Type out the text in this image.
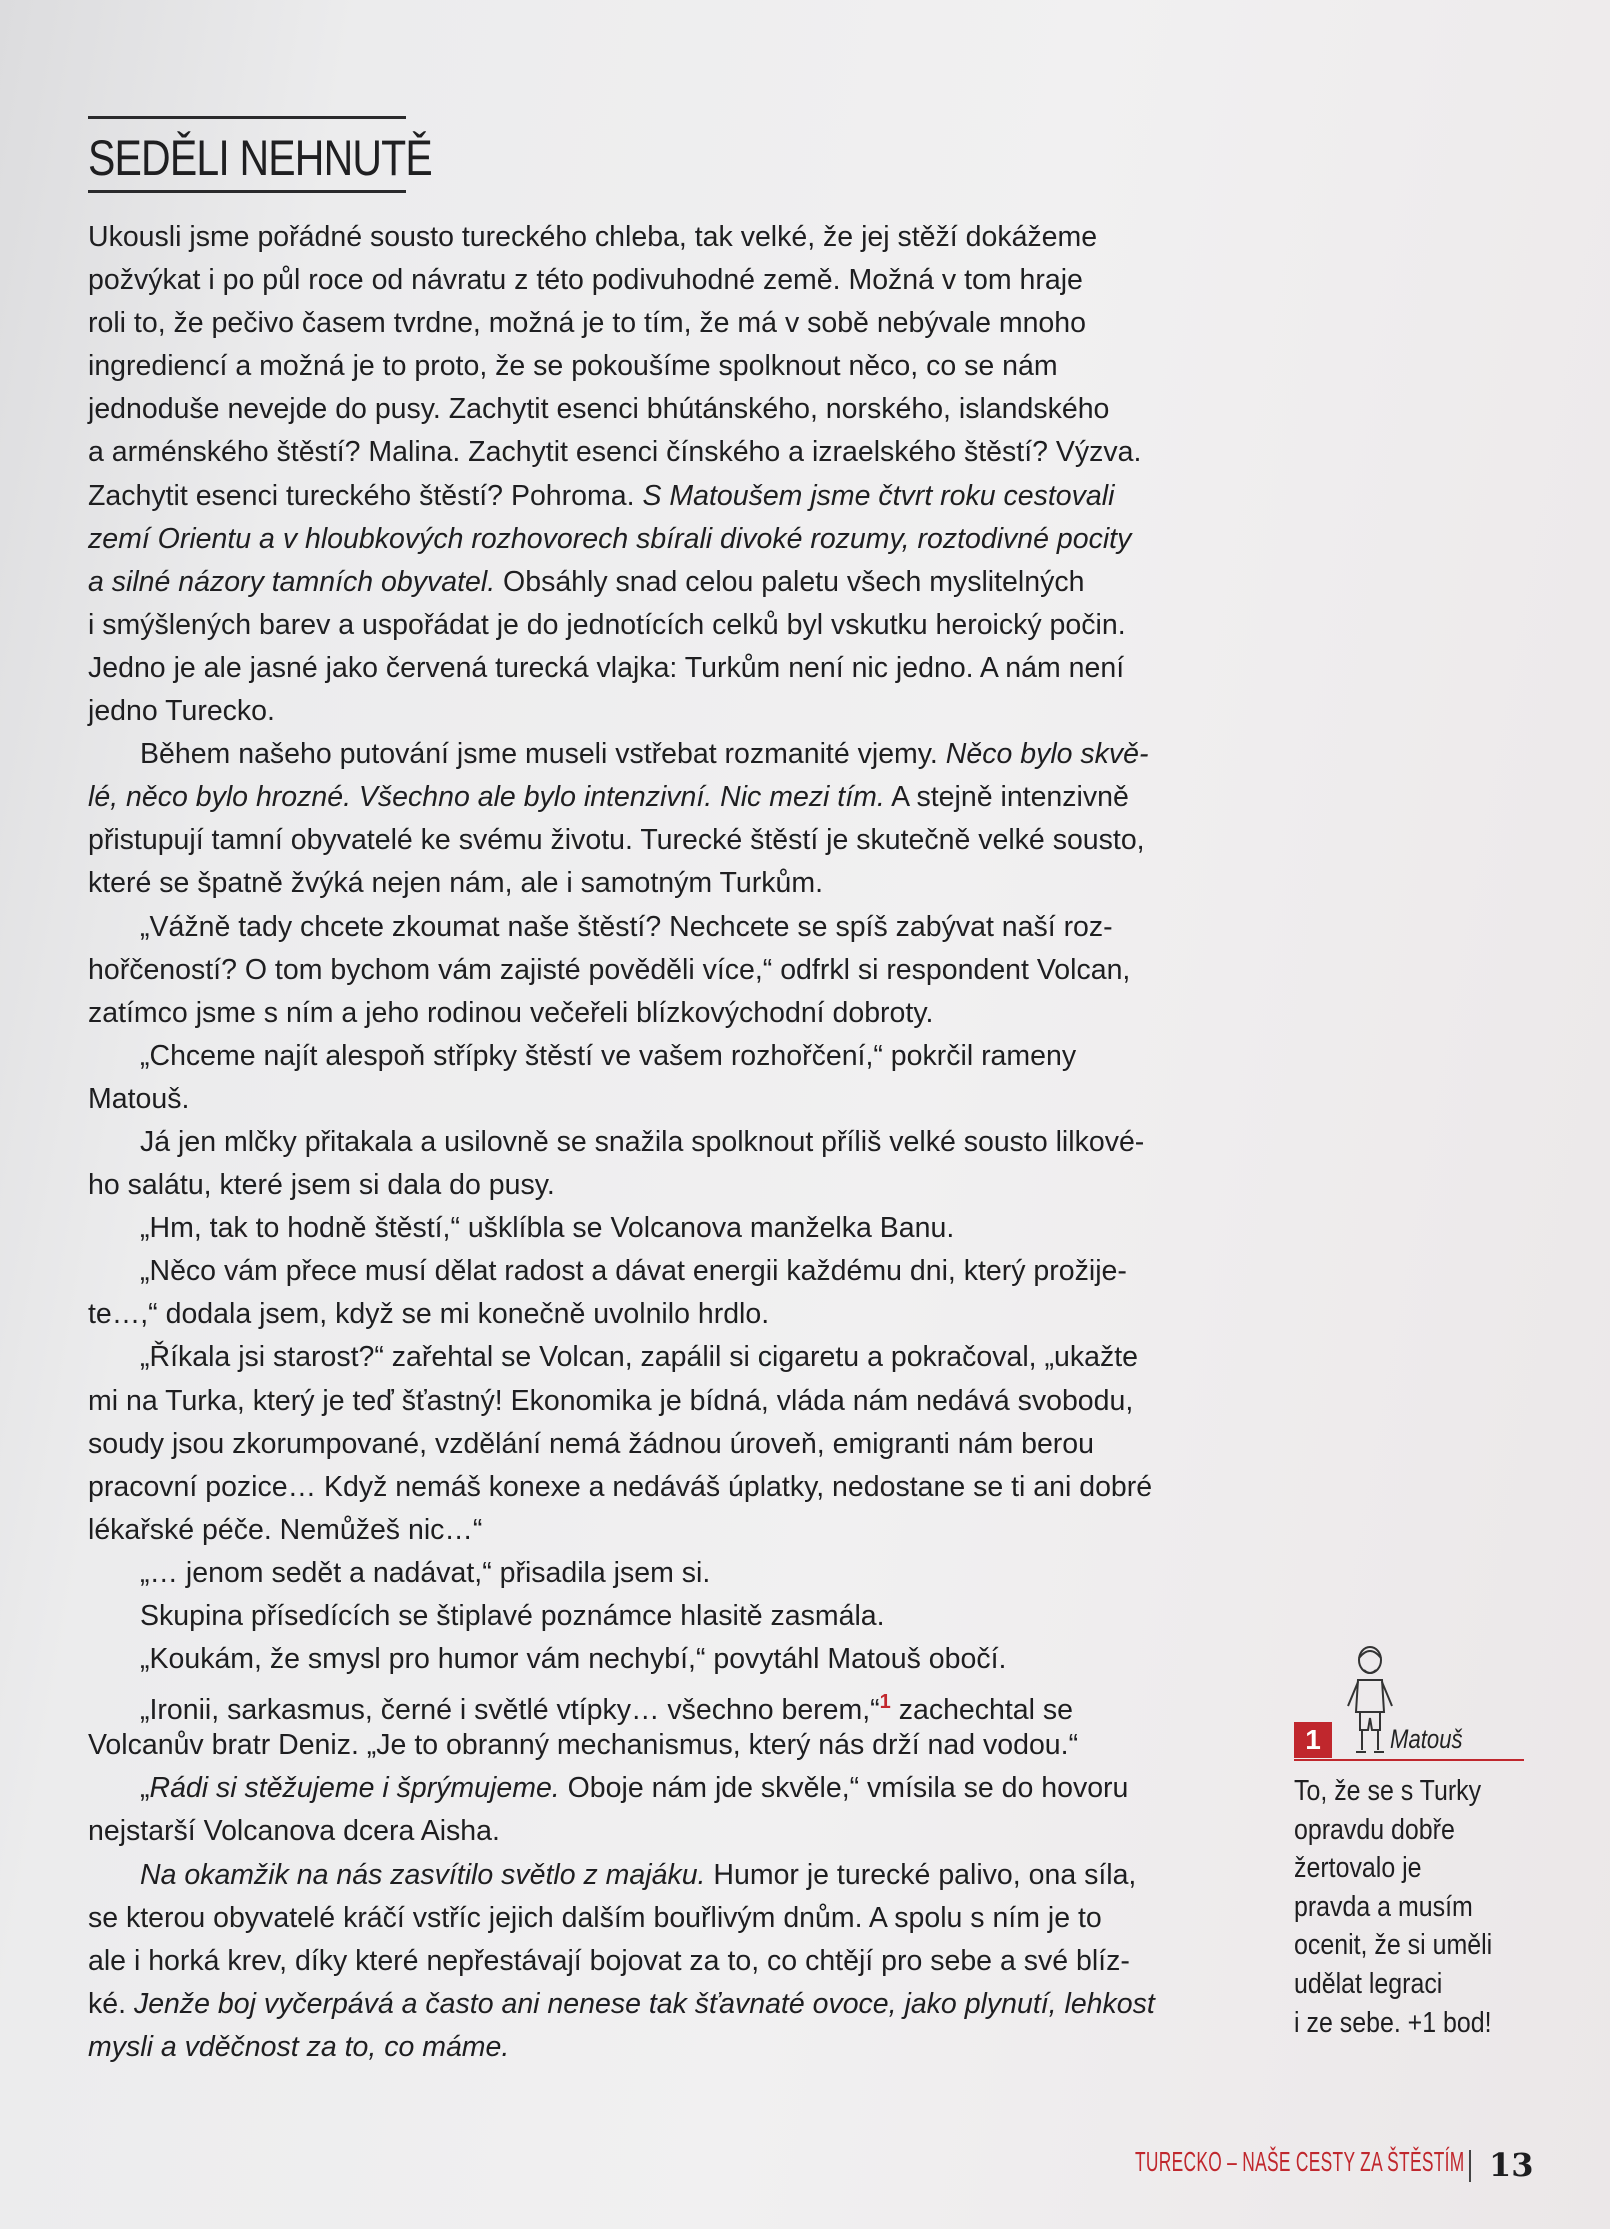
SEDĚLI NEHNUTĚ
Ukousli jsme pořádné sousto tureckého chleba, tak velké, že jej stěží dokážeme
požvýkat i po půl roce od návratu z této podivuhodné země. Možná v tom hraje
roli to, že pečivo časem tvrdne, možná je to tím, že má v sobě nebývale mnoho
ingrediencí a možná je to proto, že se pokoušíme spolknout něco, co se nám
jednoduše nevejde do pusy. Zachytit esenci bhútánského, norského, islandského
a arménského štěstí? Malina. Zachytit esenci čínského a izraelského štěstí? Výzva.
Zachytit esenci tureckého štěstí? Pohroma. S Matoušem jsme čtvrt roku cestovali
zemí Orientu a v hloubkových rozhovorech sbírali divoké rozumy, roztodivné pocity
a silné názory tamních obyvatel. Obsáhly snad celou paletu všech myslitelných
i smýšlených barev a uspořádat je do jednotících celků byl vskutku heroický počin.
Jedno je ale jasné jako červená turecká vlajka: Turkům není nic jedno. A nám není
jedno Turecko.
Během našeho putování jsme museli vstřebat rozmanité vjemy. Něco bylo skvě-
lé, něco bylo hrozné. Všechno ale bylo intenzivní. Nic mezi tím. A stejně intenzivně
přistupují tamní obyvatelé ke svému životu. Turecké štěstí je skutečně velké sousto,
které se špatně žvýká nejen nám, ale i samotným Turkům.
„Vážně tady chcete zkoumat naše štěstí? Nechcete se spíš zabývat naší roz-
hořčeností? O tom bychom vám zajisté pověděli více,“ odfrkl si respondent Volcan,
zatímco jsme s ním a jeho rodinou večeřeli blízkovýchodní dobroty.
„Chceme najít alespoň střípky štěstí ve vašem rozhořčení,“ pokrčil rameny
Matouš.
Já jen mlčky přitakala a usilovně se snažila spolknout příliš velké sousto lilkové-
ho salátu, které jsem si dala do pusy.
„Hm, tak to hodně štěstí,“ ušklíbla se Volcanova manželka Banu.
„Něco vám přece musí dělat radost a dávat energii každému dni, který prožije-
te…,“ dodala jsem, když se mi konečně uvolnilo hrdlo.
„Říkala jsi starost?“ zařehtal se Volcan, zapálil si cigaretu a pokračoval, „ukažte
mi na Turka, který je teď šťastný! Ekonomika je bídná, vláda nám nedává svobodu,
soudy jsou zkorumpované, vzdělání nemá žádnou úroveň, emigranti nám berou
pracovní pozice… Když nemáš konexe a nedáváš úplatky, nedostane se ti ani dobré
lékařské péče. Nemůžeš nic…“
„… jenom sedět a nadávat,“ přisadila jsem si.
Skupina přísedících se štiplavé poznámce hlasitě zasmála.
„Koukám, že smysl pro humor vám nechybí,“ povytáhl Matouš obočí.
„Ironii, sarkasmus, černé i světlé vtípky… všechno berem,“$^1$ zachechtal se
Volcanův bratr Deniz. „Je to obranný mechanismus, který nás drží nad vodou.“
„Rádi si stěžujeme i šprýmujeme. Oboje nám jde skvěle,“ vmísila se do hovoru
nejstarší Volcanova dcera Aisha.
Na okamžik na nás zasvítilo světlo z majáku. Humor je turecké palivo, ona síla,
se kterou obyvatelé kráčí vstříc jejich dalším bouřlivým dnům. A spolu s ním je to
ale i horká krev, díky které nepřestávají bojovat za to, co chtějí pro sebe a své blíz-
ké. Jenže boj vyčerpává a často ani nenese tak šťavnaté ovoce, jako plynutí, lehkost
mysli a vděčnost za to, co máme.
1	Matouš
To, že se s Turky
opravdu dobře
žertovalo je
pravda a musím
ocenit, že si uměli
udělat legraci
i ze sebe. +1 bod!
TURECKO – NAŠE CESTY ZA ŠTĚSTÍM 13
